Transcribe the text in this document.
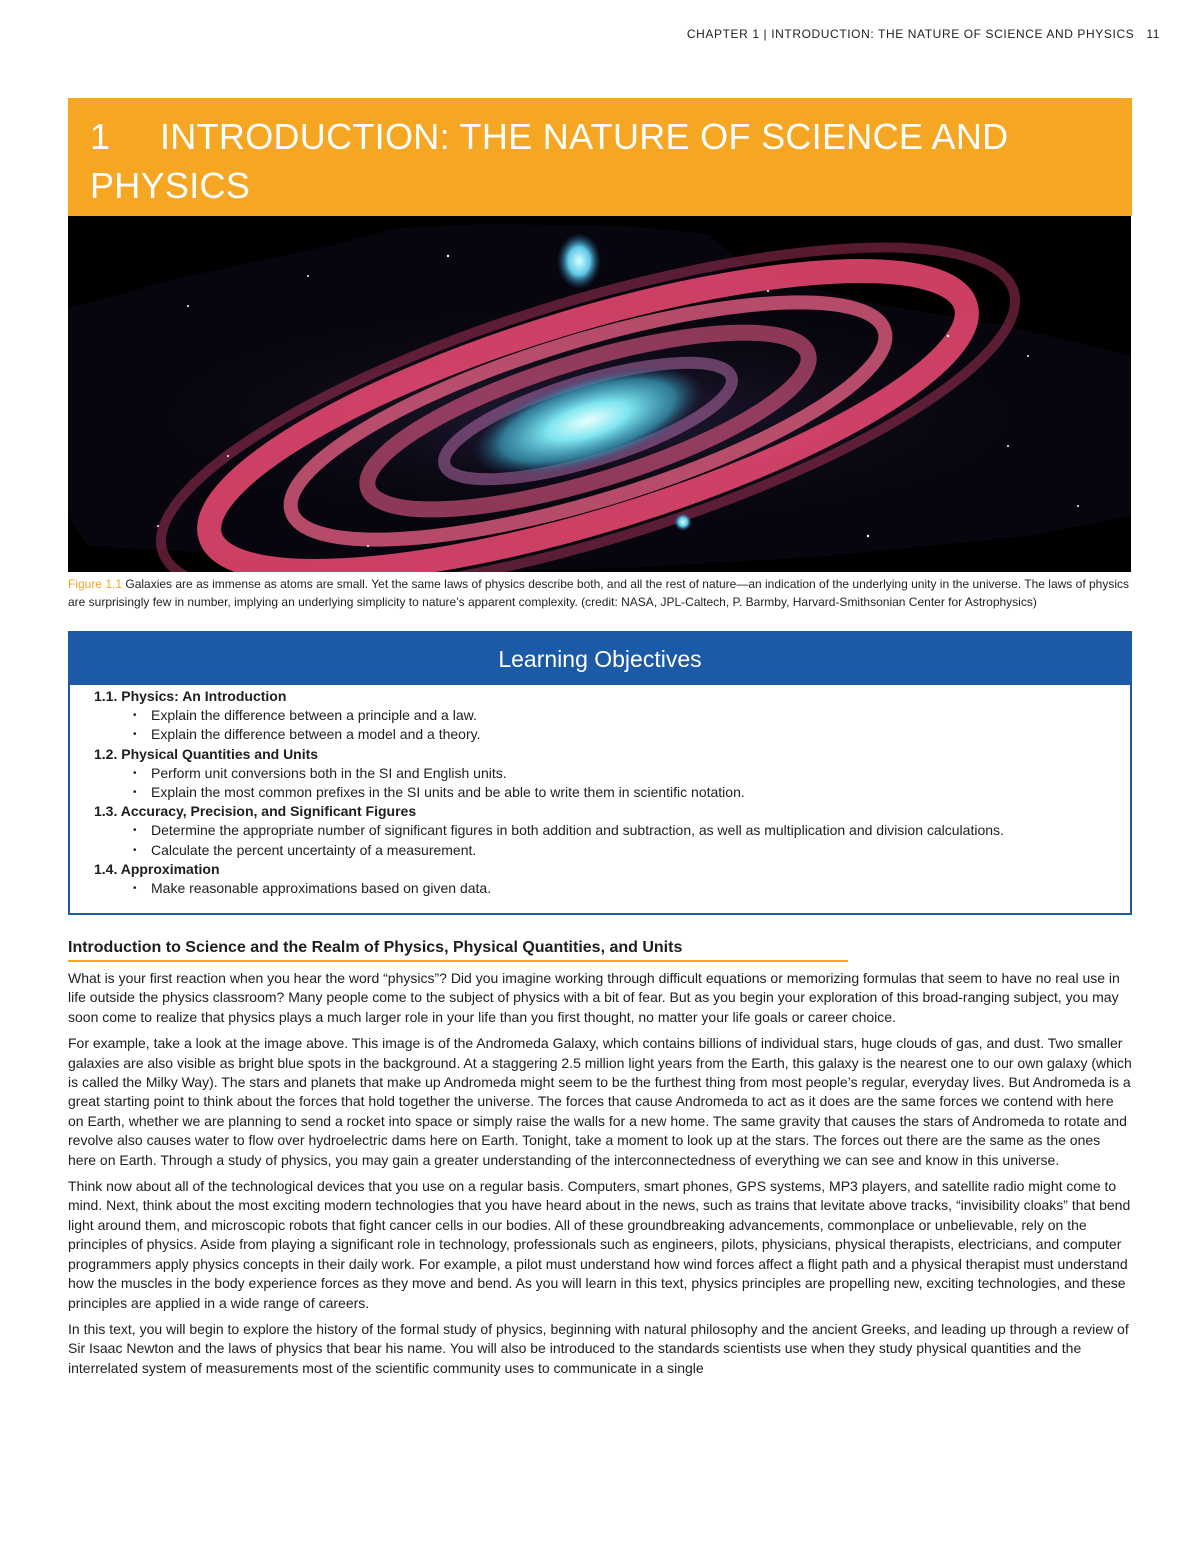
CHAPTER 1 | INTRODUCTION: THE NATURE OF SCIENCE AND PHYSICS 11
1 INTRODUCTION: THE NATURE OF SCIENCE AND PHYSICS
Figure 1.1 Galaxies are as immense as atoms are small. Yet the same laws of physics describe both, and all the rest of nature—an indication of the underlying unity in the universe. The laws of physics are surprisingly few in number, implying an underlying simplicity to nature’s apparent complexity. (credit: NASA, JPL-Caltech, P. Barmby, Harvard-Smithsonian Center for Astrophysics)
Learning Objectives
1.1. Physics: An Introduction
• Explain the difference between a principle and a law.
• Explain the difference between a model and a theory.
1.2. Physical Quantities and Units
• Perform unit conversions both in the SI and English units.
• Explain the most common prefixes in the SI units and be able to write them in scientific notation.
1.3. Accuracy, Precision, and Significant Figures
• Determine the appropriate number of significant figures in both addition and subtraction, as well as multiplication and division calculations.
• Calculate the percent uncertainty of a measurement.
1.4. Approximation
• Make reasonable approximations based on given data.
Introduction to Science and the Realm of Physics, Physical Quantities, and Units

What is your first reaction when you hear the word “physics”? Did you imagine working through difficult equations or memorizing formulas that seem to have no real use in life outside the physics classroom? Many people come to the subject of physics with a bit of fear. But as you begin your exploration of this broad-ranging subject, you may soon come to realize that physics plays a much larger role in your life than you first thought, no matter your life goals or career choice.

For example, take a look at the image above. This image is of the Andromeda Galaxy, which contains billions of individual stars, huge clouds of gas, and dust. Two smaller galaxies are also visible as bright blue spots in the background. At a staggering 2.5 million light years from the Earth, this galaxy is the nearest one to our own galaxy (which is called the Milky Way). The stars and planets that make up Andromeda might seem to be the furthest thing from most people’s regular, everyday lives. But Andromeda is a great starting point to think about the forces that hold together the universe. The forces that cause Andromeda to act as it does are the same forces we contend with here on Earth, whether we are planning to send a rocket into space or simply raise the walls for a new home. The same gravity that causes the stars of Andromeda to rotate and revolve also causes water to flow over hydroelectric dams here on Earth. Tonight, take a moment to look up at the stars. The forces out there are the same as the ones here on Earth. Through a study of physics, you may gain a greater understanding of the interconnectedness of everything we can see and know in this universe.

Think now about all of the technological devices that you use on a regular basis. Computers, smart phones, GPS systems, MP3 players, and satellite radio might come to mind. Next, think about the most exciting modern technologies that you have heard about in the news, such as trains that levitate above tracks, “invisibility cloaks” that bend light around them, and microscopic robots that fight cancer cells in our bodies. All of these groundbreaking advancements, commonplace or unbelievable, rely on the principles of physics. Aside from playing a significant role in technology, professionals such as engineers, pilots, physicians, physical therapists, electricians, and computer programmers apply physics concepts in their daily work. For example, a pilot must understand how wind forces affect a flight path and a physical therapist must understand how the muscles in the body experience forces as they move and bend. As you will learn in this text, physics principles are propelling new, exciting technologies, and these principles are applied in a wide range of careers.

In this text, you will begin to explore the history of the formal study of physics, beginning with natural philosophy and the ancient Greeks, and leading up through a review of Sir Isaac Newton and the laws of physics that bear his name. You will also be introduced to the standards scientists use when they study physical quantities and the interrelated system of measurements most of the scientific community uses to communicate in a single
